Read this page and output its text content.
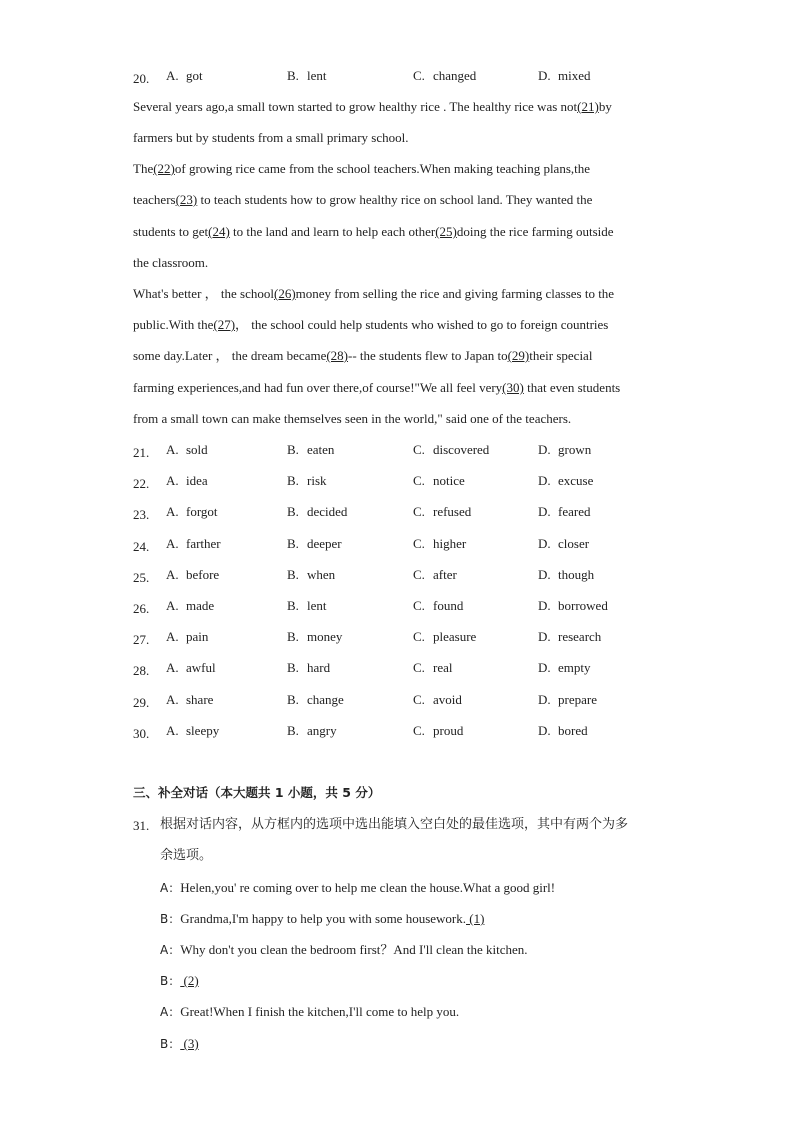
20. A. got	B. lent	C. changed	D. mixed
Several years ago,a small town started to grow healthy rice . The healthy rice was not(21)by
farmers but by students from a small primary school.
The(22)of growing rice came from the school teachers.When making teaching plans,the
teachers(23) to teach students how to grow healthy rice on school land. They wanted the
students to get(24) to the land and learn to help each other(25)doing the rice farming outside
the classroom.
What's better ， the school(26)money from selling the rice and giving farming classes to the
public.With the(27)， the school could help students who wished to go to foreign countries
some day.Later ， the dream became(28)-- the students flew to Japan to(29)their special
farming experiences,and had fun over there,of course!"We all feel very(30) that even students
from a small town can make themselves seen in the world," said one of the teachers.
21. A. sold	B. eaten	C. discovered	D. grown
22. A. idea	B. risk	C. notice	D. excuse
23. A. forgot	B. decided	C. refused	D. feared
24. A. farther	B. deeper	C. higher	D. closer
25. A. before	B. when	C. after	D. though
26. A. made	B. lent	C. found	D. borrowed
27. A. pain	B. money	C. pleasure	D. research
28. A. awful	B. hard	C. real	D. empty
29. A. share	B. change	C. avoid	D. prepare
30. A. sleepy	B. angry	C. proud	D. bored
三、补全对话（本大题共 1 小题，共 5 分）
31. 根据对话内容，从方框内的选项中选出能填入空白处的最佳选项，其中有两个为多
余选项。
A：Helen,you' re coming over to help me clean the house.What a good girl!
B：Grandma,I'm happy to help you with some housework. (1)
A：Why don't you clean the bedroom first？And I'll clean the kitchen.
B： (2)
A：Great!When I finish the kitchen,I'll come to help you.
B： (3)
